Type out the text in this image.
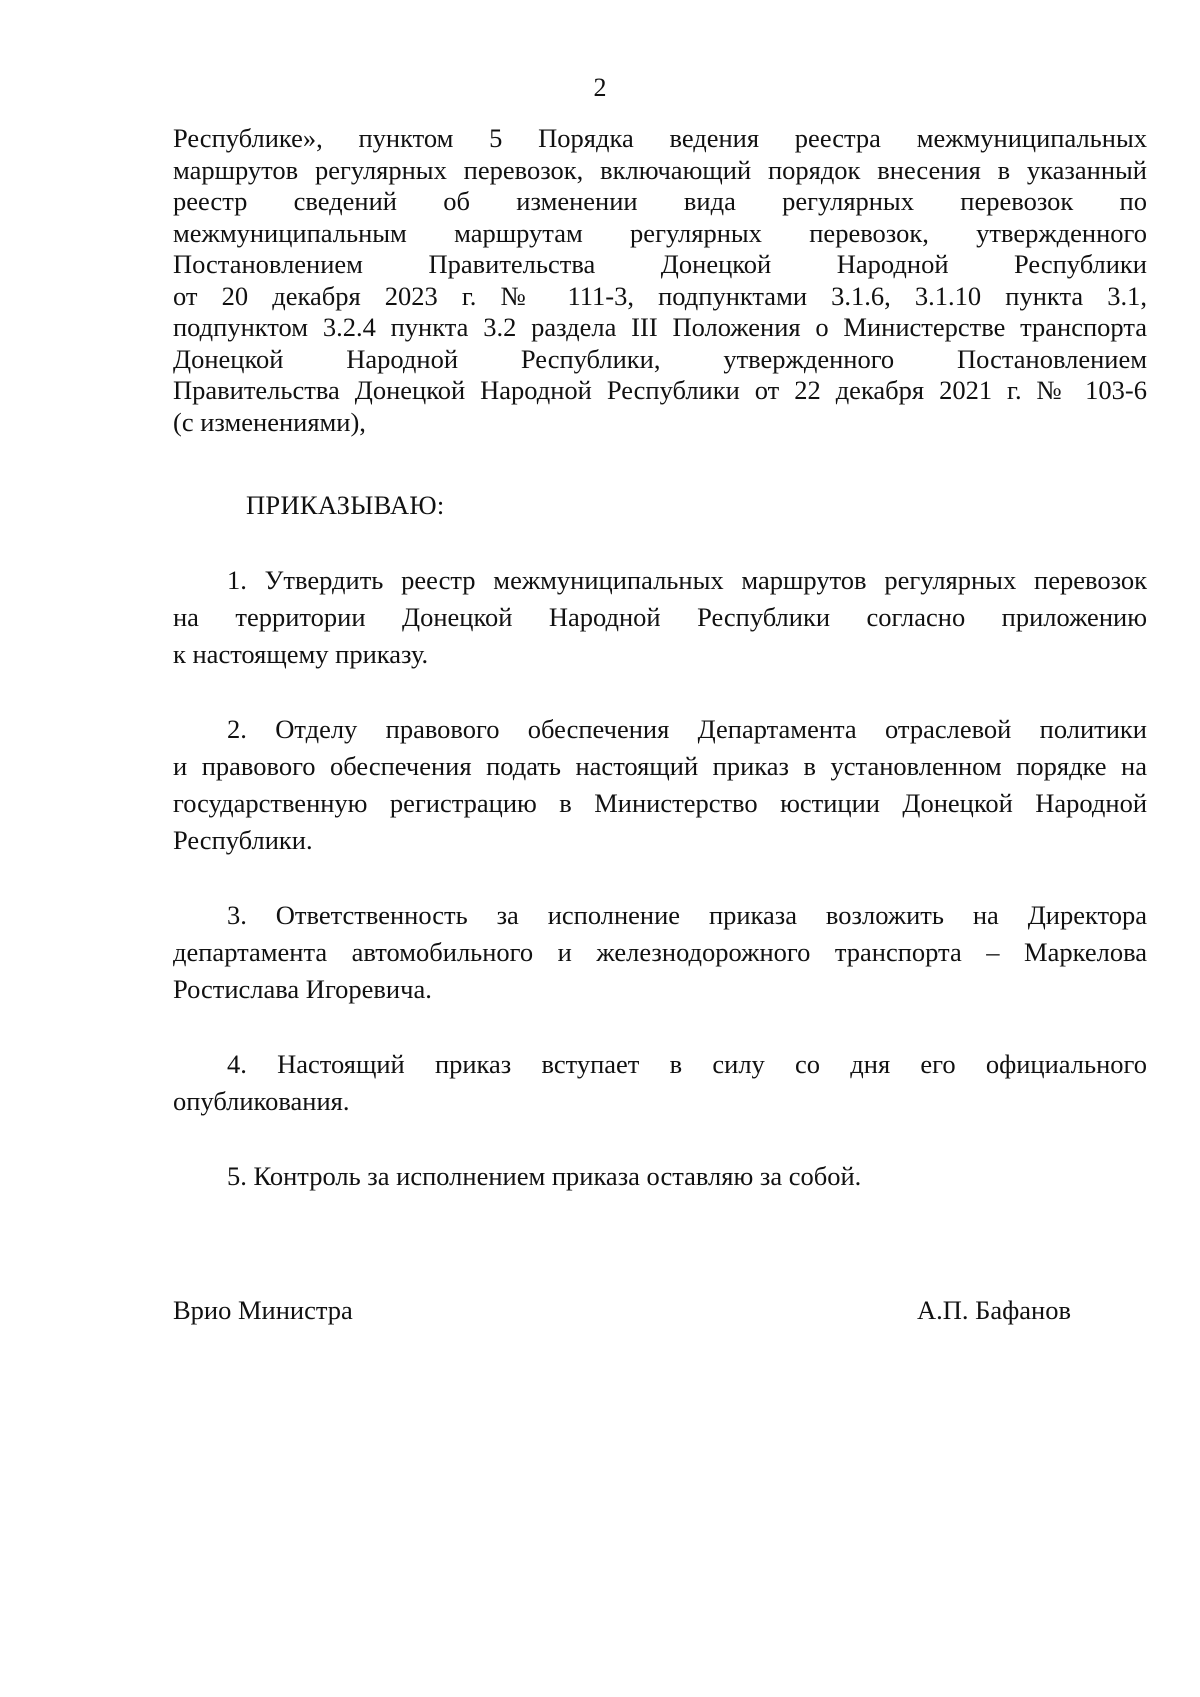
2
Республике», пунктом 5 Порядка ведения реестра межмуниципальных
маршрутов регулярных перевозок, включающий порядок внесения в указанный
реестр сведений об изменении вида регулярных перевозок по
межмуниципальным маршрутам регулярных перевозок, утвержденного
Постановлением Правительства Донецкой Народной Республики
от 20 декабря 2023 г. № 111-3, подпунктами 3.1.6, 3.1.10 пункта 3.1,
подпунктом 3.2.4 пункта 3.2 раздела III Положения о Министерстве транспорта
Донецкой Народной Республики, утвержденного Постановлением
Правительства Донецкой Народной Республики от 22 декабря 2021 г. № 103-6
(с изменениями),
ПРИКАЗЫВАЮ:
1. Утвердить реестр межмуниципальных маршрутов регулярных перевозок
на территории Донецкой Народной Республики согласно приложению
к настоящему приказу.
2. Отделу правового обеспечения Департамента отраслевой политики
и правового обеспечения подать настоящий приказ в установленном порядке на
государственную регистрацию в Министерство юстиции Донецкой Народной
Республики.
3. Ответственность за исполнение приказа возложить на Директора
департамента автомобильного и железнодорожного транспорта – Маркелова
Ростислава Игоревича.
4. Настоящий приказ вступает в силу со дня его официального
опубликования.
5. Контроль за исполнением приказа оставляю за собой.
Врио Министра	А.П. Бафанов
